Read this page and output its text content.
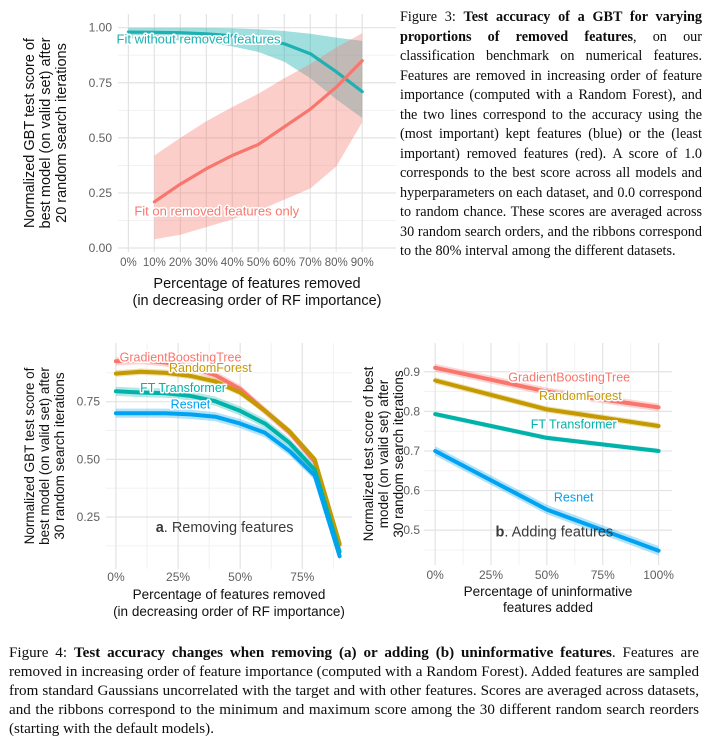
Fit without removed features
Fit on removed features only
0% 10% 20% 30% 40% 50% 60% 70% 80% 90%
0.00
0.25
0.50
0.75
1.00
Percentage of features removed
(in decreasing order of RF importance)
Normalized GBT test score ofbest model (on valid set) after20 random search iterations

Figure 3: Test accuracy of a GBT for varying proportions of removed features, on our classification benchmark on numerical features. Features are removed in increasing order of feature importance (computed with a Random Forest), and the two lines correspond to the accuracy using the (most important) kept features (blue) or the (least important) removed features (red). A score of 1.0 corresponds to the best score across all models and hyperparameters on each dataset, and 0.0 correspond to random chance. These scores are averaged across 30 random search orders, and the ribbons correspond to the 80% interval among the different datasets.

GradientBoostingTree
RandomForest
FT Transformer
Resnet
a. Removing features
0%	25%	50%	75%
0.25
0.50
0.75
Percentage of features removed
(in decreasing order of RF importance)
Normalized GBT test score ofbest model (on valid set) after30 random search iterations	GradientBoostingTree
RandomForest
FT Transformer
Resnet
b. Adding features
0%	25%	50%	75% 100%
0.5
0.6
0.7
0.8
0.9
Percentage of uninformative
features added
Normalized test score of bestmodel (on valid set) after30 random search iterations

Figure 4: Test accuracy changes when removing (a) or adding (b) uninformative features. Features are removed in increasing order of feature importance (computed with a Random Forest). Added features are sampled from standard Gaussians uncorrelated with the target and with other features. Scores are averaged across datasets, and the ribbons correspond to the minimum and maximum score among the 30 different random search reorders (starting with the default models).
